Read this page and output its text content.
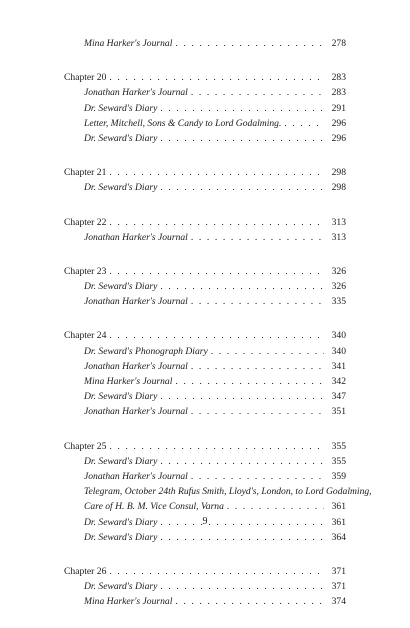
Mina Harker's Journal . . .	278
Chapter 20 . . .	283
Jonathan Harker's Journal . . .	283
Dr. Seward's Diary . . .	291
Letter, Mitchell, Sons & Candy to Lord Godalming. . . .	296
Dr. Seward's Diary . . .	296
Chapter 21 . . .	298
Dr. Seward's Diary . . .	298
Chapter 22 . . .	313
Jonathan Harker's Journal . . .	313
Chapter 23 . . .	326
Dr. Seward's Diary . . .	326
Jonathan Harker's Journal . . .	335
Chapter 24 . . .	340
Dr. Seward's Phonograph Diary . . .	340
Jonathan Harker's Journal . . .	341
Mina Harker's Journal . . .	342
Dr. Seward's Diary . . .	347
Jonathan Harker's Journal . . .	351
Chapter 25 . . .	355
Dr. Seward's Diary . . .	355
Jonathan Harker's Journal . . .	359
Telegram, October 24th Rufus Smith, Lloyd's, London, to Lord Godalming,
Care of H. B. M. Vice Consul, Varna . . .	361
Dr. Seward's Diary . . .	361
Dr. Seward's Diary . . .	364
Chapter 26 . . .	371
Dr. Seward's Diary . . .	371
Mina Harker's Journal . . .	374
9
